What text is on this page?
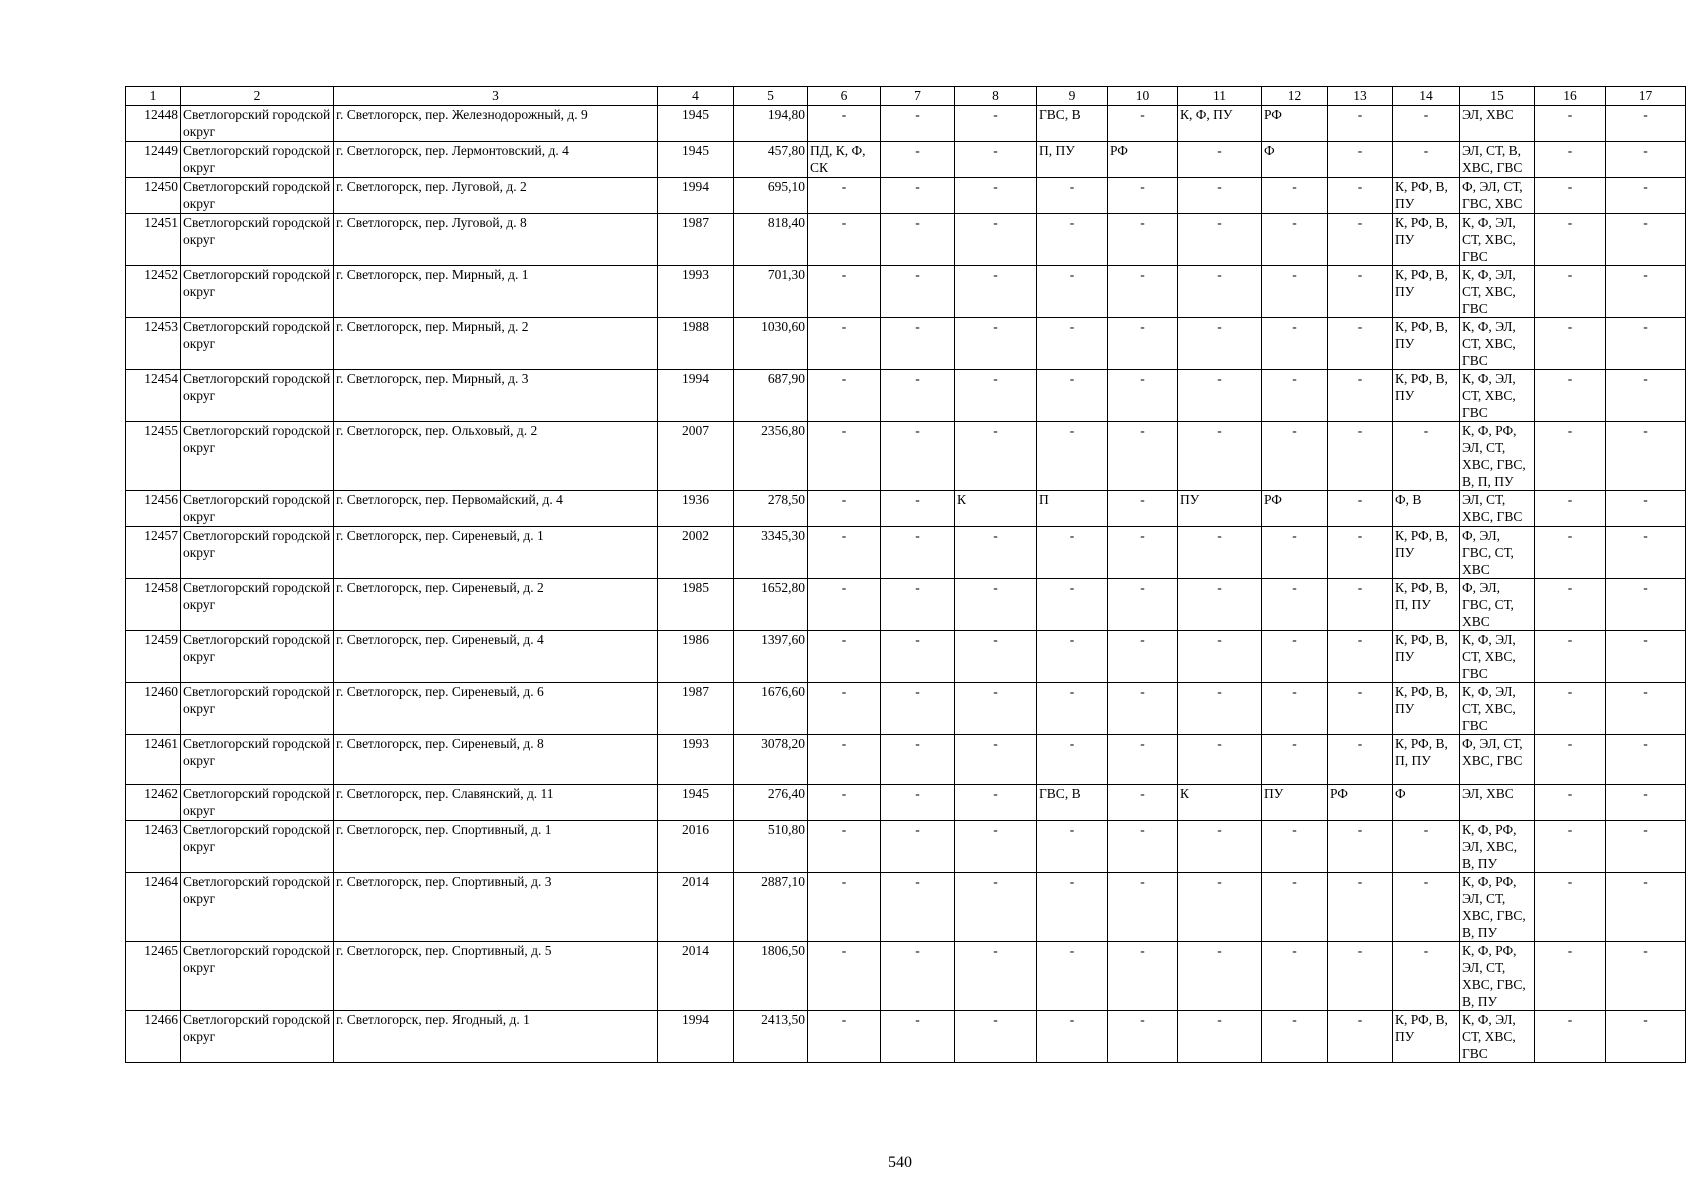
1	2	3	4	5	6	7	8	9	10	11	12	13	14	15	16	17
12448	Светлогорский городской округ	г. Светлогорск, пер. Железнодорожный, д. 9	1945	194,80	-	-	-	ГВС, В	-	К, Ф, ПУ	РФ	-	-	ЭЛ, ХВС	-	-
12449	Светлогорский городской округ	г. Светлогорск, пер. Лермонтовский, д. 4	1945	457,80	ПД, К, Ф, СК	-	-	П, ПУ	РФ	-	Ф	-	-	ЭЛ, СТ, В, ХВС, ГВС	-	-
12450	Светлогорский городской округ	г. Светлогорск, пер. Луговой, д. 2	1994	695,10	-	-	-	-	-	-	-	-	К, РФ, В, ПУ	Ф, ЭЛ, СТ, ГВС, ХВС	-	-
12451	Светлогорский городской округ	г. Светлогорск, пер. Луговой, д. 8	1987	818,40	-	-	-	-	-	-	-	-	К, РФ, В, ПУ	К, Ф, ЭЛ, СТ, ХВС, ГВС	-	-
12452	Светлогорский городской округ	г. Светлогорск, пер. Мирный, д. 1	1993	701,30	-	-	-	-	-	-	-	-	К, РФ, В, ПУ	К, Ф, ЭЛ, СТ, ХВС, ГВС	-	-
12453	Светлогорский городской округ	г. Светлогорск, пер. Мирный, д. 2	1988	1030,60	-	-	-	-	-	-	-	-	К, РФ, В, ПУ	К, Ф, ЭЛ, СТ, ХВС, ГВС	-	-
12454	Светлогорский городской округ	г. Светлогорск, пер. Мирный, д. 3	1994	687,90	-	-	-	-	-	-	-	-	К, РФ, В, ПУ	К, Ф, ЭЛ, СТ, ХВС, ГВС	-	-
12455	Светлогорский городской округ	г. Светлогорск, пер. Ольховый, д. 2	2007	2356,80	-	-	-	-	-	-	-	-	-	К, Ф, РФ, ЭЛ, СТ, ХВС, ГВС, В, П, ПУ	-	-
12456	Светлогорский городской округ	г. Светлогорск, пер. Первомайский, д. 4	1936	278,50	-	-	К	П	-	ПУ	РФ	-	Ф, В	ЭЛ, СТ, ХВС, ГВС	-	-
12457	Светлогорский городской округ	г. Светлогорск, пер. Сиреневый, д. 1	2002	3345,30	-	-	-	-	-	-	-	-	К, РФ, В, ПУ	Ф, ЭЛ, ГВС, СТ, ХВС	-	-
12458	Светлогорский городской округ	г. Светлогорск, пер. Сиреневый, д. 2	1985	1652,80	-	-	-	-	-	-	-	-	К, РФ, В, П, ПУ	Ф, ЭЛ, ГВС, СТ, ХВС	-	-
12459	Светлогорский городской округ	г. Светлогорск, пер. Сиреневый, д. 4	1986	1397,60	-	-	-	-	-	-	-	-	К, РФ, В, ПУ	К, Ф, ЭЛ, СТ, ХВС, ГВС	-	-
12460	Светлогорский городской округ	г. Светлогорск, пер. Сиреневый, д. 6	1987	1676,60	-	-	-	-	-	-	-	-	К, РФ, В, ПУ	К, Ф, ЭЛ, СТ, ХВС, ГВС	-	-
12461	Светлогорский городской округ	г. Светлогорск, пер. Сиреневый, д. 8	1993	3078,20	-	-	-	-	-	-	-	-	К, РФ, В, П, ПУ	Ф, ЭЛ, СТ, ХВС, ГВС	-	-
12462	Светлогорский городской округ	г. Светлогорск, пер. Славянский, д. 11	1945	276,40	-	-	-	ГВС, В	-	К	ПУ	РФ	Ф	ЭЛ, ХВС	-	-
12463	Светлогорский городской округ	г. Светлогорск, пер. Спортивный, д. 1	2016	510,80	-	-	-	-	-	-	-	-	-	К, Ф, РФ, ЭЛ, ХВС, В, ПУ	-	-
12464	Светлогорский городской округ	г. Светлогорск, пер. Спортивный, д. 3	2014	2887,10	-	-	-	-	-	-	-	-	-	К, Ф, РФ, ЭЛ, СТ, ХВС, ГВС, В, ПУ	-	-
12465	Светлогорский городской округ	г. Светлогорск, пер. Спортивный, д. 5	2014	1806,50	-	-	-	-	-	-	-	-	-	К, Ф, РФ, ЭЛ, СТ, ХВС, ГВС, В, ПУ	-	-
12466	Светлогорский городской округ	г. Светлогорск, пер. Ягодный, д. 1	1994	2413,50	-	-	-	-	-	-	-	-	К, РФ, В, ПУ	К, Ф, ЭЛ, СТ, ХВС, ГВС	-	-
540
